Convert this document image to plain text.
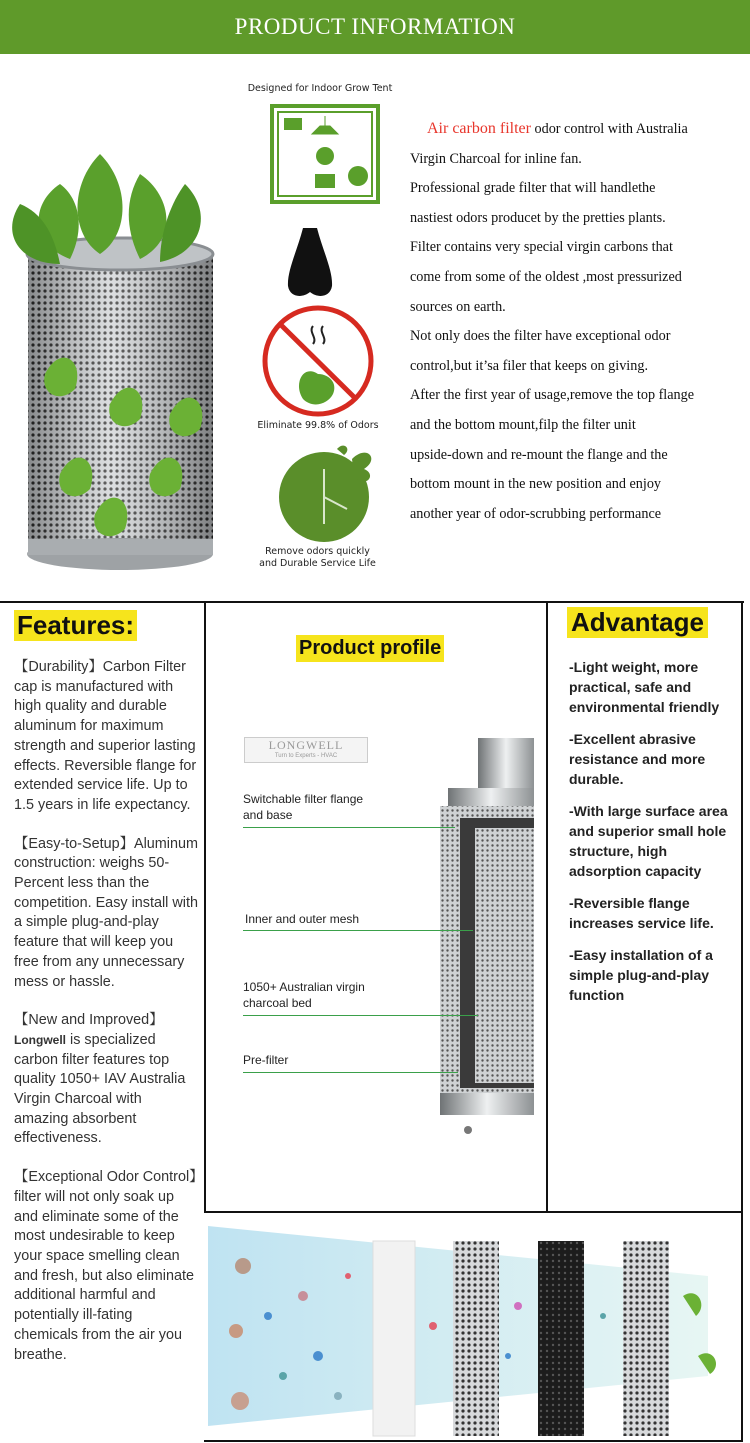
PRODUCT INFORMATION
Designed for Indoor Grow Tent
Eliminate 99.8% of Odors
Remove odors quickly
and Durable Service Life
Air carbon filter odor control with Australia
Virgin Charcoal for inline fan.
Professional grade filter that will handlethe
nastiest odors producet by the pretties plants.
Filter contains very special virgin carbons that
come from some of the oldest ,most pressurized
sources on earth.
Not only does the filter have exceptional odor
control,but it’sa filer that keeps on giving.
After the first year of usage,remove the top flange
and the bottom mount,filp the filter unit
upside-down and re-mount the flange and the
bottom mount in the new position and enjoy
another year of odor-scrubbing performance
Features:

【Durability】Carbon Filter cap is manufactured with high quality and durable aluminum for maximum strength and superior lasting effects. Reversible flange for extended service life. Up to 1.5 years in life expectancy.

【Easy-to-Setup】Aluminum construction: weighs 50-Percent less than the competition. Easy install with a simple plug-and-play feature that will keep you free from any unnecessary mess or hassle.

【New and Improved】Longwell is specialized carbon filter features top quality 1050+ IAV Australia Virgin Charcoal with amazing absorbent effectiveness.

【Exceptional Odor Control】filter will not only soak up and eliminate some of the most undesirable to keep your space smelling clean and fresh, but also eliminate additional harmful and potentially ill-fating chemicals from the air you breathe.

Product profile
LONGWELL
Turn to Experts - HVAC
Switchable filter flange and base
Inner and outer mesh
1050+ Australian virgin charcoal bed
Pre-filter
Advantage

-Light weight, more practical, safe and environmental friendly

-Excellent abrasive resistance and more durable.

-With large surface area and superior small hole structure, high adsorption capacity

-Reversible flange increases service life.

-Easy installation of a simple plug-and-play function
